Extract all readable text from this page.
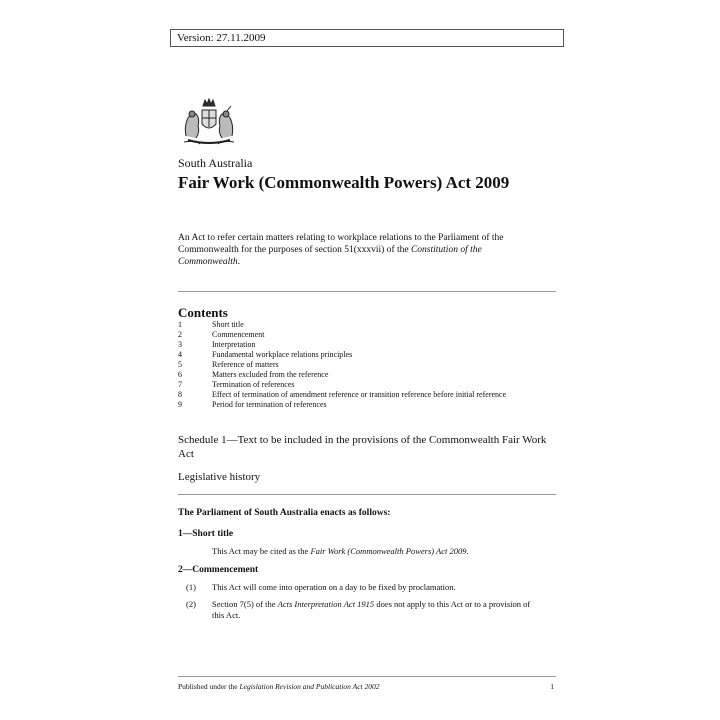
Version: 27.11.2009
South Australia
Fair Work (Commonwealth Powers) Act 2009
An Act to refer certain matters relating to workplace relations to the Parliament of the Commonwealth for the purposes of section 51(xxxvii) of the Constitution of the Commonwealth.
Contents
1	Short title
2	Commencement
3	Interpretation
4	Fundamental workplace relations principles
5	Reference of matters
6	Matters excluded from the reference
7	Termination of references
8	Effect of termination of amendment reference or transition reference before initial reference
9	Period for termination of references
Schedule 1—Text to be included in the provisions of the Commonwealth Fair Work Act
Legislative history
The Parliament of South Australia enacts as follows:
1—Short title
This Act may be cited as the Fair Work (Commonwealth Powers) Act 2009.
2—Commencement
(1) This Act will come into operation on a day to be fixed by proclamation.
(2) Section 7(5) of the Acts Interpretation Act 1915 does not apply to this Act or to a provision of this Act.
Published under the Legislation Revision and Publication Act 2002	1
